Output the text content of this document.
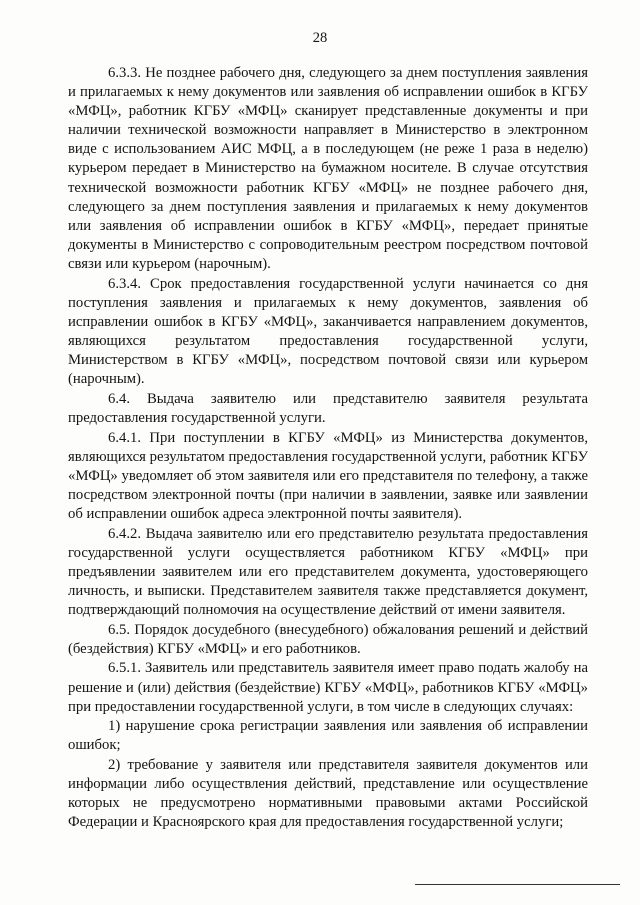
28

6.3.3. Не позднее рабочего дня, следующего за днем поступления заявления и прилагаемых к нему документов или заявления об исправлении ошибок в КГБУ «МФЦ», работник КГБУ «МФЦ» сканирует представленные документы и при наличии технической возможности направляет в Министерство в электронном виде с использованием АИС МФЦ, а в последующем (не реже 1 раза в неделю) курьером передает в Министерство на бумажном носителе. В случае отсутствия технической возможности работник КГБУ «МФЦ» не позднее рабочего дня, следующего за днем поступления заявления и прилагаемых к нему документов или заявления об исправлении ошибок в КГБУ «МФЦ», передает принятые документы в Министерство с сопроводительным реестром посредством почтовой связи или курьером (нарочным).

6.3.4. Срок предоставления государственной услуги начинается со дня поступления заявления и прилагаемых к нему документов, заявления об исправлении ошибок в КГБУ «МФЦ», заканчивается направлением документов, являющихся результатом предоставления государственной услуги, Министерством в КГБУ «МФЦ», посредством почтовой связи или курьером (нарочным).

6.4. Выдача заявителю или представителю заявителя результата предоставления государственной услуги.

6.4.1. При поступлении в КГБУ «МФЦ» из Министерства документов, являющихся результатом предоставления государственной услуги, работник КГБУ «МФЦ» уведомляет об этом заявителя или его представителя по телефону, а также посредством электронной почты (при наличии в заявлении, заявке или заявлении об исправлении ошибок адреса электронной почты заявителя).

6.4.2. Выдача заявителю или его представителю результата предоставления государственной услуги осуществляется работником КГБУ «МФЦ» при предъявлении заявителем или его представителем документа, удостоверяющего личность, и выписки. Представителем заявителя также представляется документ, подтверждающий полномочия на осуществление действий от имени заявителя.

6.5. Порядок досудебного (внесудебного) обжалования решений и действий (бездействия) КГБУ «МФЦ» и его работников.

6.5.1. Заявитель или представитель заявителя имеет право подать жалобу на решение и (или) действия (бездействие) КГБУ «МФЦ», работников КГБУ «МФЦ» при предоставлении государственной услуги, в том числе в следующих случаях:

1) нарушение срока регистрации заявления или заявления об исправлении ошибок;

2) требование у заявителя или представителя заявителя документов или информации либо осуществления действий, представление или осуществление которых не предусмотрено нормативными правовыми актами Российской Федерации и Красноярского края для предоставления государственной услуги;
